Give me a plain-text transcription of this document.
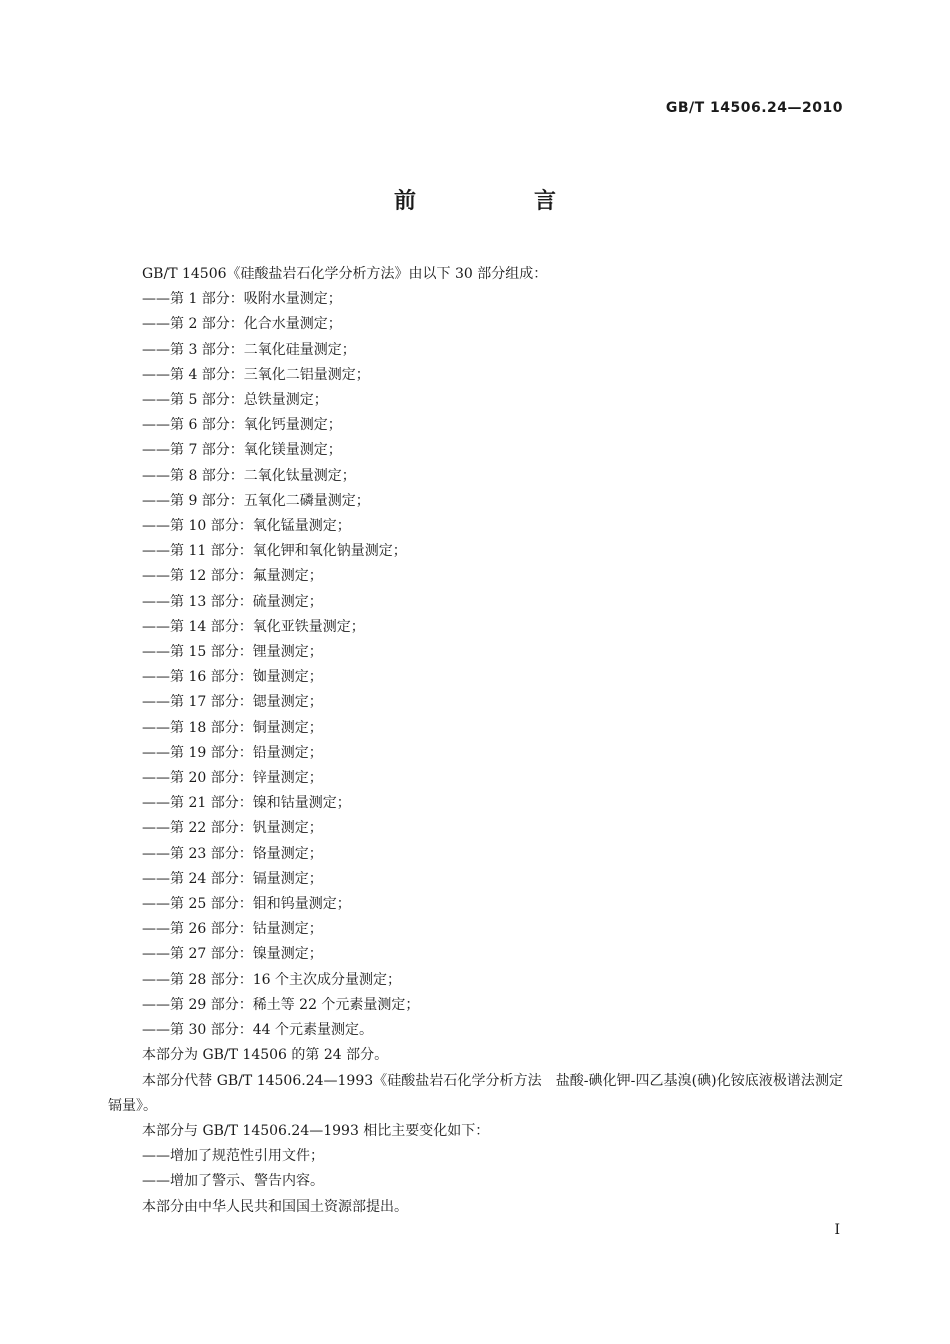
GB/T 14506.24—2010
前　言

GB/T 14506《硅酸盐岩石化学分析方法》由以下 30 部分组成：

——第 1 部分：吸附水量测定；

——第 2 部分：化合水量测定；

——第 3 部分：二氧化硅量测定；

——第 4 部分：三氧化二铝量测定；

——第 5 部分：总铁量测定；

——第 6 部分：氧化钙量测定；

——第 7 部分：氧化镁量测定；

——第 8 部分：二氧化钛量测定；

——第 9 部分：五氧化二磷量测定；

——第 10 部分：氧化锰量测定；

——第 11 部分：氧化钾和氧化钠量测定；

——第 12 部分：氟量测定；

——第 13 部分：硫量测定；

——第 14 部分：氧化亚铁量测定；

——第 15 部分：锂量测定；

——第 16 部分：铷量测定；

——第 17 部分：锶量测定；

——第 18 部分：铜量测定；

——第 19 部分：铅量测定；

——第 20 部分：锌量测定；

——第 21 部分：镍和钴量测定；

——第 22 部分：钒量测定；

——第 23 部分：铬量测定；

——第 24 部分：镉量测定；

——第 25 部分：钼和钨量测定；

——第 26 部分：钴量测定；

——第 27 部分：镍量测定；

——第 28 部分：16 个主次成分量测定；

——第 29 部分：稀土等 22 个元素量测定；

——第 30 部分：44 个元素量测定。

本部分为 GB/T 14506 的第 24 部分。

本部分代替 GB/T 14506.24—1993《硅酸盐岩石化学分析方法　盐酸-碘化钾-四乙基溴(碘)化铵底液极谱法测定镉量》。

本部分与 GB/T 14506.24—1993 相比主要变化如下：

——增加了规范性引用文件；

——增加了警示、警告内容。

本部分由中华人民共和国国土资源部提出。

I
